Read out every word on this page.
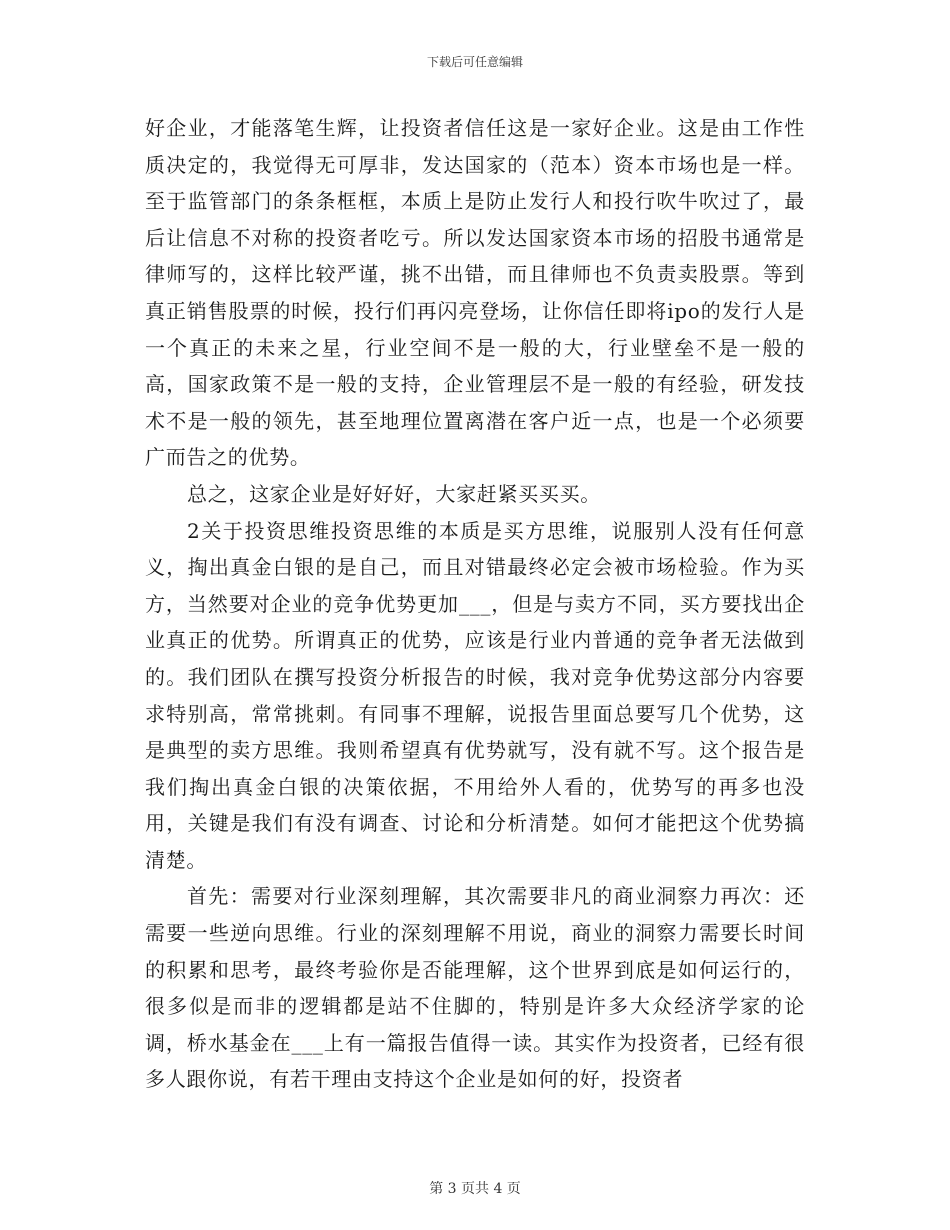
下载后可任意编辑

好企业，才能落笔生辉，让投资者信任这是一家好企业。这是由工作性质决定的，我觉得无可厚非，发达国家的（范本）资本市场也是一样。至于监管部门的条条框框，本质上是防止发行人和投行吹牛吹过了，最后让信息不对称的投资者吃亏。所以发达国家资本市场的招股书通常是律师写的，这样比较严谨，挑不出错，而且律师也不负责卖股票。等到真正销售股票的时候，投行们再闪亮登场，让你信任即将ipo的发行人是一个真正的未来之星，行业空间不是一般的大，行业壁垒不是一般的高，国家政策不是一般的支持，企业管理层不是一般的有经验，研发技术不是一般的领先，甚至地理位置离潜在客户近一点，也是一个必须要广而告之的优势。

总之，这家企业是好好好，大家赶紧买买买。

2关于投资思维投资思维的本质是买方思维，说服别人没有任何意义，掏出真金白银的是自己，而且对错最终必定会被市场检验。作为买方，当然要对企业的竞争优势更加___，但是与卖方不同，买方要找出企业真正的优势。所谓真正的优势，应该是行业内普通的竞争者无法做到的。我们团队在撰写投资分析报告的时候，我对竞争优势这部分内容要求特别高，常常挑刺。有同事不理解，说报告里面总要写几个优势，这是典型的卖方思维。我则希望真有优势就写，没有就不写。这个报告是我们掏出真金白银的决策依据，不用给外人看的，优势写的再多也没用，关键是我们有没有调查、讨论和分析清楚。如何才能把这个优势搞清楚。

首先：需要对行业深刻理解，其次需要非凡的商业洞察力再次：还需要一些逆向思维。行业的深刻理解不用说，商业的洞察力需要长时间的积累和思考，最终考验你是否能理解，这个世界到底是如何运行的，很多似是而非的逻辑都是站不住脚的，特别是许多大众经济学家的论调，桥水基金在___上有一篇报告值得一读。其实作为投资者，已经有很多人跟你说，有若干理由支持这个企业是如何的好，投资者

第 3 页共 4 页
